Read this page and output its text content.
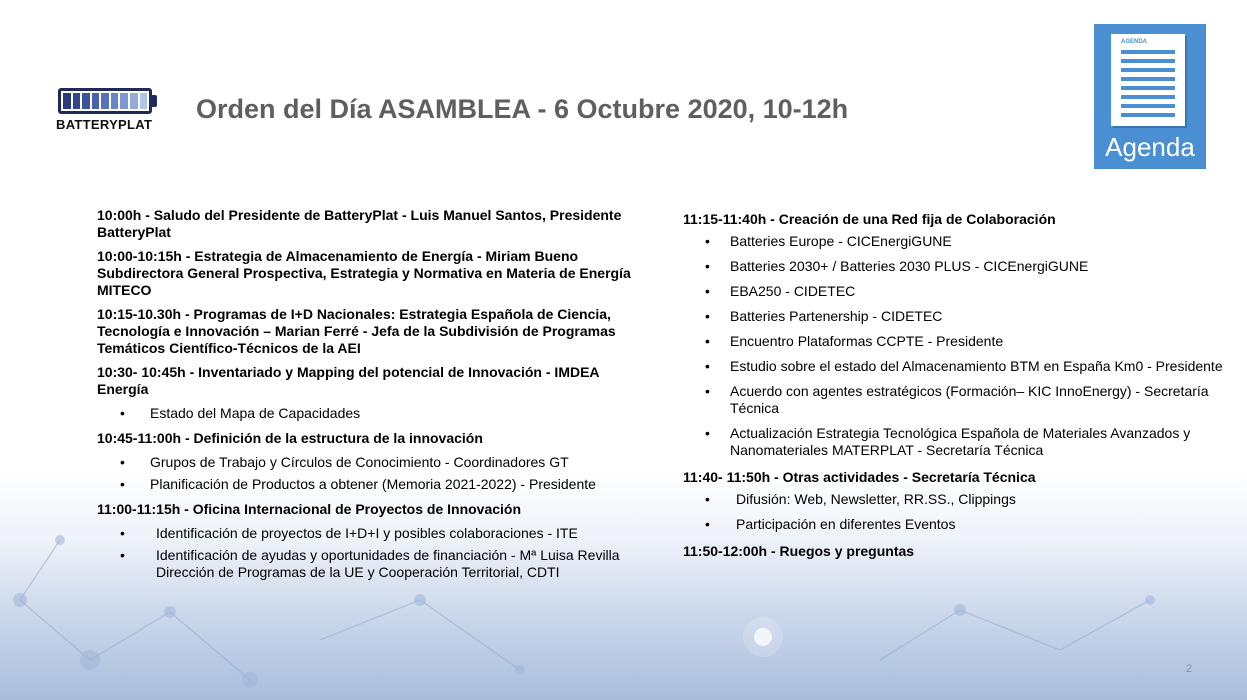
BATTERYPLAT
Orden del Día ASAMBLEA - 6 Octubre 2020, 10-12h
AGENDA
Agenda
10:00h - Saludo del Presidente de BatteryPlat - Luis Manuel Santos, Presidente BatteryPlat
10:00-10:15h - Estrategia de Almacenamiento de Energía - Miriam Bueno Subdirectora General Prospectiva, Estrategia y Normativa en Materia de Energía MITECO
10:15-10.30h - Programas de I+D Nacionales: Estrategia Española de Ciencia, Tecnología e Innovación – Marian Ferré - Jefa de la Subdivisión de Programas Temáticos Científico-Técnicos de la AEI
10:30- 10:45h - Inventariado y Mapping del potencial de Innovación - IMDEA Energía
• Estado del Mapa de Capacidades
10:45-11:00h - Definición de la estructura de la innovación
• Grupos de Trabajo y Círculos de Conocimiento - Coordinadores GT
• Planificación de Productos a obtener (Memoria 2021-2022) - Presidente
11:00-11:15h - Oficina Internacional de Proyectos de Innovación
• Identificación de proyectos de I+D+I y posibles colaboraciones - ITE
• Identificación de ayudas y oportunidades de financiación - Mª Luisa Revilla Dirección de Programas de la UE y Cooperación Territorial, CDTI
11:15-11:40h - Creación de una Red fija de Colaboración
• Batteries Europe - CICEnergiGUNE
• Batteries 2030+ / Batteries 2030 PLUS - CICEnergiGUNE
• EBA250 - CIDETEC
• Batteries Partenership - CIDETEC
• Encuentro Plataformas CCPTE - Presidente
• Estudio sobre el estado del Almacenamiento BTM en España Km0 - Presidente
• Acuerdo con agentes estratégicos (Formación– KIC InnoEnergy) - Secretaría Técnica
• Actualización Estrategia Tecnológica Española de Materiales Avanzados y Nanomateriales MATERPLAT - Secretaría Técnica
11:40- 11:50h - Otras actividades - Secretaría Técnica
• Difusión: Web, Newsletter, RR.SS., Clippings
• Participación en diferentes Eventos
11:50-12:00h - Ruegos y preguntas
2
